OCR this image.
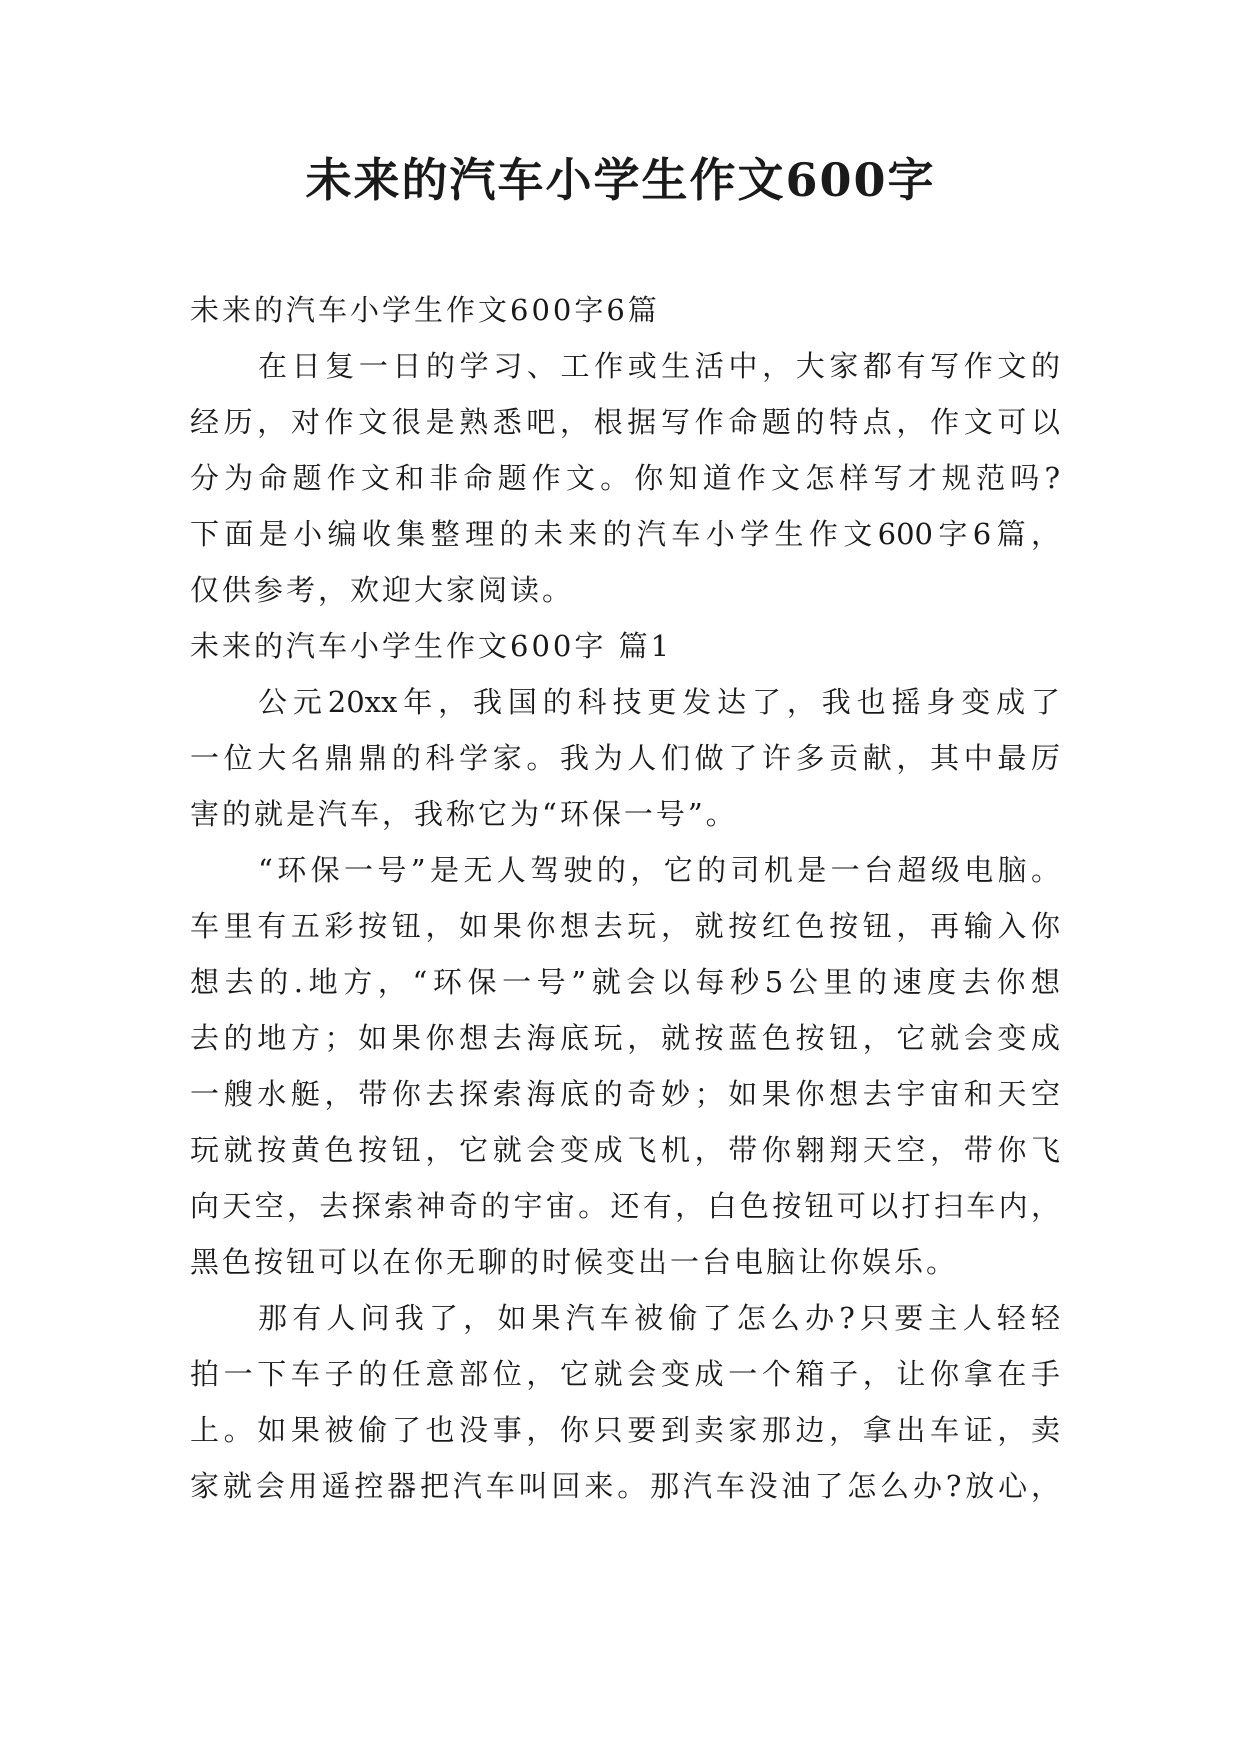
未来的汽车小学生作文600字
未来的汽车小学生作文600字6篇
在日复一日的学习、工作或生活中，大家都有写作文的
经历，对作文很是熟悉吧，根据写作命题的特点，作文可以
分为命题作文和非命题作文。你知道作文怎样写才规范吗?
下面是小编收集整理的未来的汽车小学生作文600字6篇，
仅供参考，欢迎大家阅读。
未来的汽车小学生作文600字 篇1
公元20xx年，我国的科技更发达了，我也摇身变成了
一位大名鼎鼎的科学家。我为人们做了许多贡献，其中最厉
害的就是汽车，我称它为“环保一号”。
“环保一号”是无人驾驶的，它的司机是一台超级电脑。
车里有五彩按钮，如果你想去玩，就按红色按钮，再输入你
想去的.地方，“环保一号”就会以每秒5公里的速度去你想
去的地方；如果你想去海底玩，就按蓝色按钮，它就会变成
一艘水艇，带你去探索海底的奇妙；如果你想去宇宙和天空
玩就按黄色按钮，它就会变成飞机，带你翱翔天空，带你飞
向天空，去探索神奇的宇宙。还有，白色按钮可以打扫车内，
黑色按钮可以在你无聊的时候变出一台电脑让你娱乐。
那有人问我了，如果汽车被偷了怎么办?只要主人轻轻
拍一下车子的任意部位，它就会变成一个箱子，让你拿在手
上。如果被偷了也没事，你只要到卖家那边，拿出车证，卖
家就会用遥控器把汽车叫回来。那汽车没油了怎么办?放心，
